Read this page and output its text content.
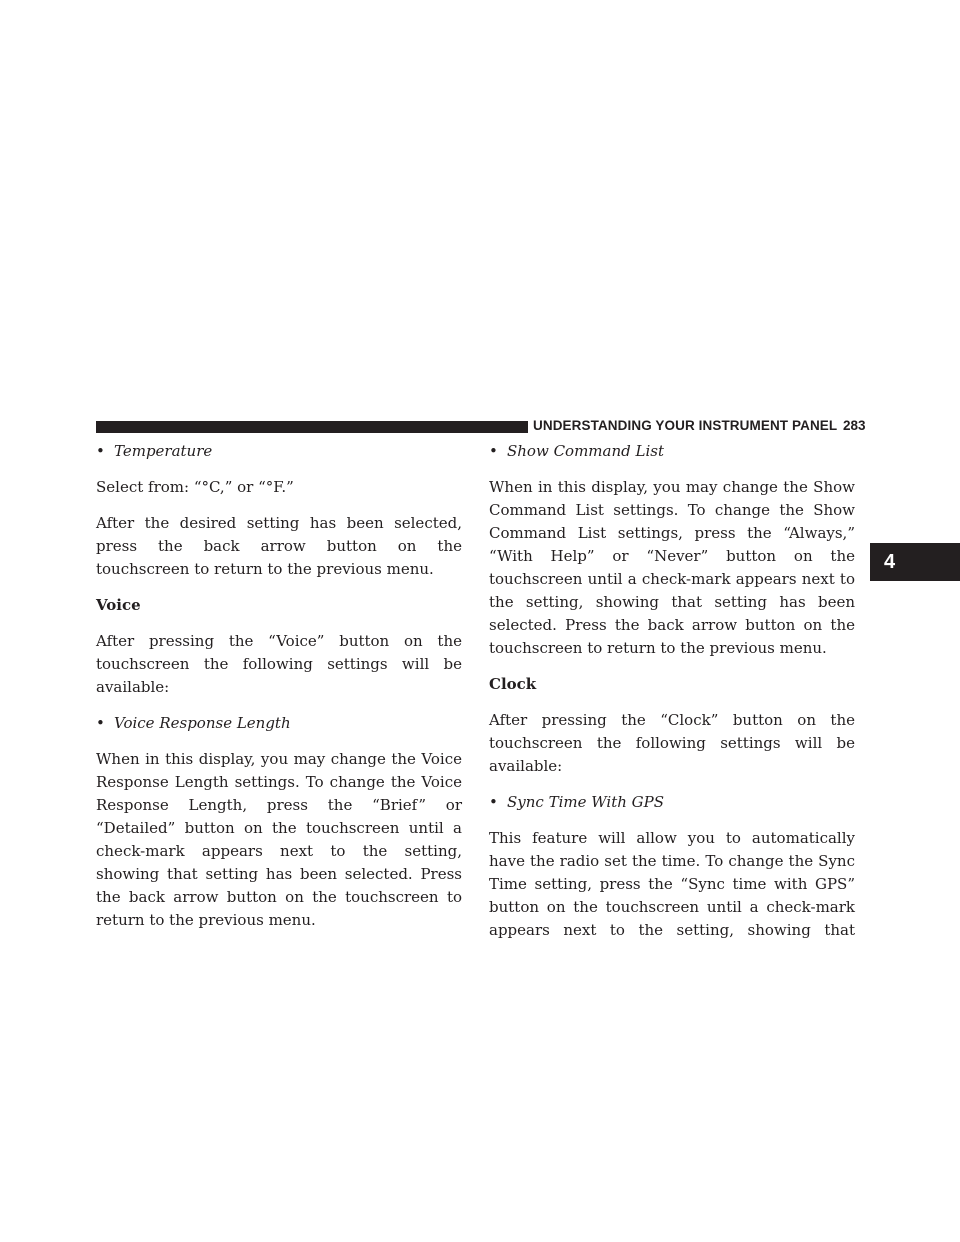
UNDERSTANDING YOUR INSTRUMENT PANEL 283
4

• Temperature

Select from: “°C,” or “°F.”

After the desired setting has been selected, press the back arrow button on the touchscreen to return to the previous menu.

Voice

After pressing the “Voice” button on the touchscreen the following settings will be available:

• Voice Response Length

When in this display, you may change the Voice Response Length settings. To change the Voice Response Length, press the “Brief” or “Detailed” button on the touchscreen until a check-mark appears next to the setting, showing that setting has been selected. Press the back arrow button on the touchscreen to return to the previous menu.

• Show Command List

When in this display, you may change the Show Command List settings. To change the Show Command List settings, press the “Always,” “With Help” or “Never” button on the touchscreen until a check-mark appears next to the setting, showing that setting has been selected. Press the back arrow button on the touchscreen to return to the previous menu.

Clock

After pressing the “Clock” button on the touchscreen the following settings will be available:

• Sync Time With GPS

This feature will allow you to automatically have the radio set the time. To change the Sync Time setting, press the “Sync time with GPS” button on the touchscreen until a check-mark appears next to the setting, showing that
